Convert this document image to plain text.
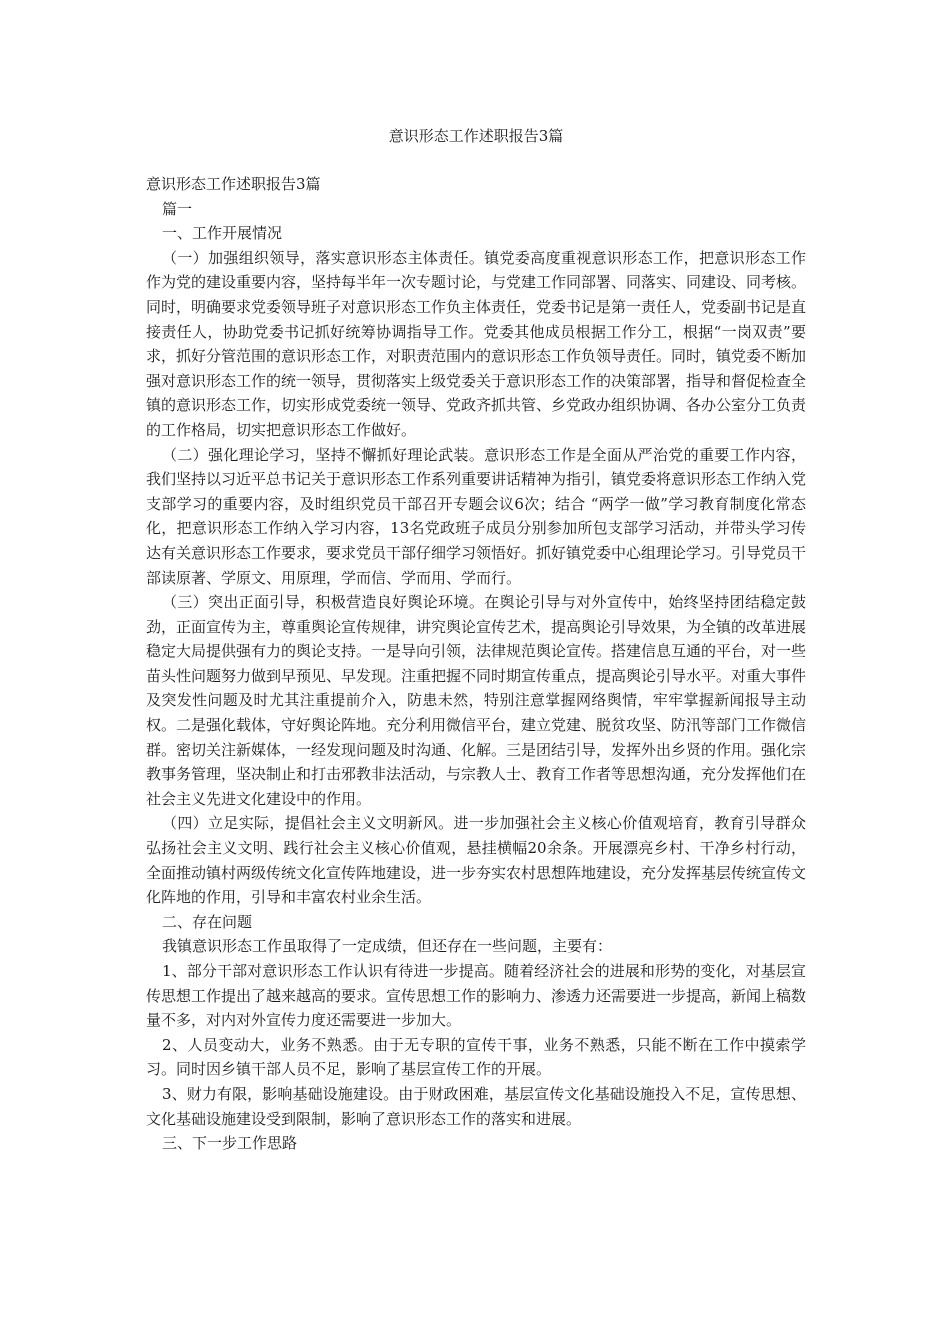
意识形态工作述职报告3篇

意识形态工作述职报告3篇

篇一

一、工作开展情况

（一）加强组织领导，落实意识形态主体责任。镇党委高度重视意识形态工作，把意识形态工作作为党的建设重要内容，坚持每半年一次专题讨论，与党建工作同部署、同落实、同建设、同考核。同时，明确要求党委领导班子对意识形态工作负主体责任，党委书记是第一责任人，党委副书记是直接责任人，协助党委书记抓好统筹协调指导工作。党委其他成员根据工作分工，根据“一岗双责”要求，抓好分管范围的意识形态工作，对职责范围内的意识形态工作负领导责任。同时，镇党委不断加强对意识形态工作的统一领导，贯彻落实上级党委关于意识形态工作的决策部署，指导和督促检查全镇的意识形态工作，切实形成党委统一领导、党政齐抓共管、乡党政办组织协调、各办公室分工负责的工作格局，切实把意识形态工作做好。

（二）强化理论学习，坚持不懈抓好理论武装。意识形态工作是全面从严治党的重要工作内容，我们坚持以习近平总书记关于意识形态工作系列重要讲话精神为指引，镇党委将意识形态工作纳入党支部学习的重要内容，及时组织党员干部召开专题会议6次；结合 “两学一做”学习教育制度化常态化，把意识形态工作纳入学习内容，13名党政班子成员分别参加所包支部学习活动，并带头学习传达有关意识形态工作要求，要求党员干部仔细学习领悟好。抓好镇党委中心组理论学习。引导党员干部读原著、学原文、用原理，学而信、学而用、学而行。

（三）突出正面引导，积极营造良好舆论环境。在舆论引导与对外宣传中，始终坚持团结稳定鼓劲，正面宣传为主，尊重舆论宣传规律，讲究舆论宣传艺术，提高舆论引导效果，为全镇的改革进展稳定大局提供强有力的舆论支持。一是导向引领，法律规范舆论宣传。搭建信息互通的平台，对一些苗头性问题努力做到早预见、早发现。注重把握不同时期宣传重点，提高舆论引导水平。对重大事件及突发性问题及时尤其注重提前介入，防患未然，特别注意掌握网络舆情，牢牢掌握新闻报导主动权。二是强化载体，守好舆论阵地。充分利用微信平台，建立党建、脱贫攻坚、防汛等部门工作微信群。密切关注新媒体，一经发现问题及时沟通、化解。三是团结引导，发挥外出乡贤的作用。强化宗教事务管理，坚决制止和打击邪教非法活动，与宗教人士、教育工作者等思想沟通，充分发挥他们在社会主义先进文化建设中的作用。

（四）立足实际，提倡社会主义文明新风。进一步加强社会主义核心价值观培育，教育引导群众弘扬社会主义文明、践行社会主义核心价值观，悬挂横幅20余条。开展漂亮乡村、干净乡村行动，全面推动镇村两级传统文化宣传阵地建设，进一步夯实农村思想阵地建设，充分发挥基层传统宣传文化阵地的作用，引导和丰富农村业余生活。

二、存在问题

我镇意识形态工作虽取得了一定成绩，但还存在一些问题，主要有：

1、部分干部对意识形态工作认识有待进一步提高。随着经济社会的进展和形势的变化，对基层宣传思想工作提出了越来越高的要求。宣传思想工作的影响力、渗透力还需要进一步提高，新闻上稿数量不多，对内对外宣传力度还需要进一步加大。

2、人员变动大，业务不熟悉。由于无专职的宣传干事，业务不熟悉，只能不断在工作中摸索学习。同时因乡镇干部人员不足，影响了基层宣传工作的开展。

3、财力有限，影响基础设施建设。由于财政困难，基层宣传文化基础设施投入不足，宣传思想、文化基础设施建设受到限制，影响了意识形态工作的落实和进展。

三、下一步工作思路
